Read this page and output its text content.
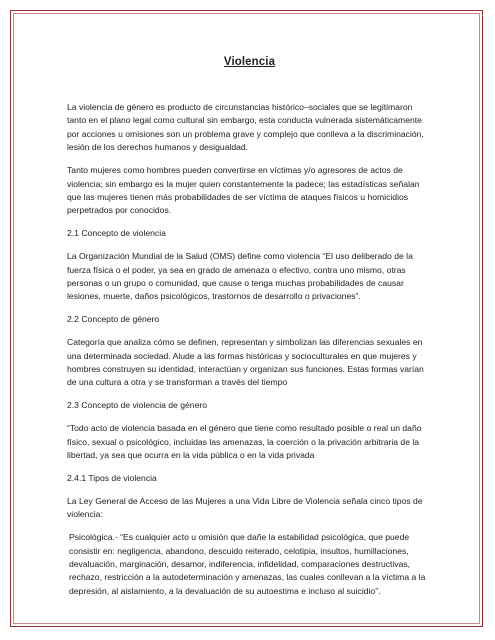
Violencia

La violencia de género es producto de circunstancias histórico–sociales que se legitimaron tanto en el plano legal como cultural sin embargo, esta conducta vulnerada sistemáticamente por acciones u omisiones son un problema grave y complejo que conlleva a la discriminación, lesión de los derechos humanos y desigualdad.

Tanto mujeres como hombres pueden convertirse en víctimas y/o agresores de actos de violencia; sin embargo es la mujer quien constantemente la padece; las estadísticas señalan que las mujeres tienen más probabilidades de ser víctima de ataques físicos u homicidios perpetrados por conocidos.

2.1 Concepto de violencia

La Organización Mundial de la Salud (OMS) define como violencia “El uso deliberado de la fuerza física o el poder, ya sea en grado de amenaza o efectivo, contra uno mismo, otras personas o un grupo o comunidad, que cause o tenga muchas probabilidades de causar lesiones, muerte, daños psicológicos, trastornos de desarrollo o privaciones”.

2.2 Concepto de género

Categoría que analiza cómo se definen, representan y simbolizan las diferencias sexuales en una determinada sociedad. Alude a las formas históricas y socioculturales en que mujeres y hombres construyen su identidad, interactúan y organizan sus funciones. Estas formas varían de una cultura a otra y se transforman a través del tiempo

2.3 Concepto de violencia de género

“Todo acto de violencia basada en el género que tiene como resultado posible o real un daño físico, sexual o psicológico, incluidas las amenazas, la coerción o la privación arbitraria de la libertad, ya sea que ocurra en la vida pública o en la vida privada

2.4.1 Tipos de violencia

La Ley General de Acceso de las Mujeres a una Vida Libre de Violencia señala cinco tipos de violencia:

Psicológica.- “Es cualquier acto u omisión que dañe la estabilidad psicológica, que puede consistir en: negligencia, abandono, descuido reiterado, celotipia, insultos, humillaciones, devaluación, marginación, desamor, indiferencia, infidelidad, comparaciones destructivas, rechazo, restricción a la autodeterminación y amenazas, las cuales conllevan a la víctima a la depresión, al aislamiento, a la devaluación de su autoestima e incluso al suicidio”.
